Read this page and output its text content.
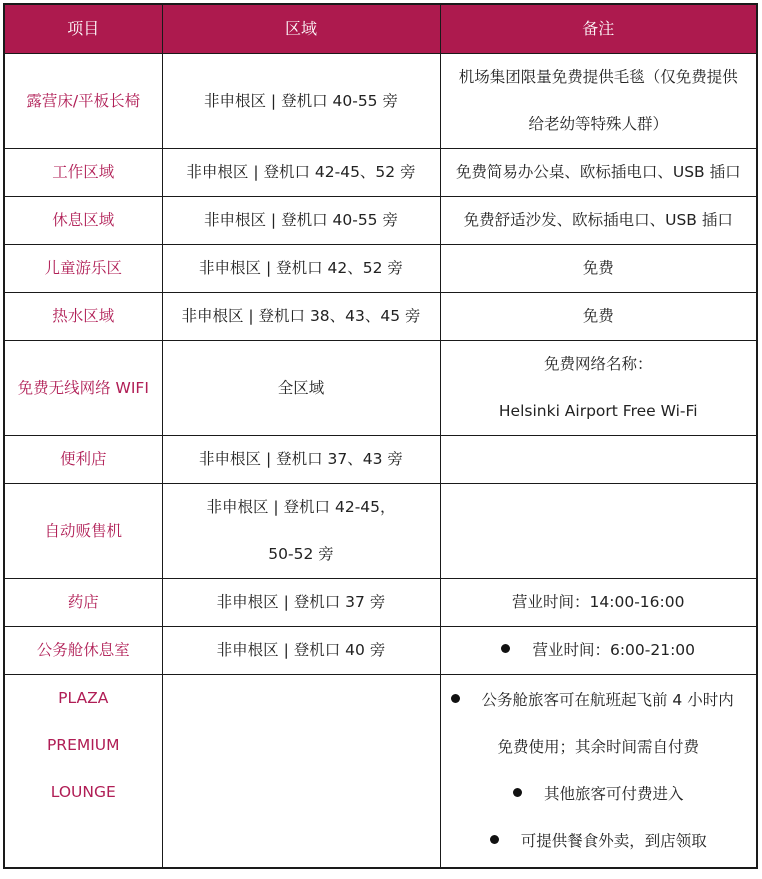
项目	区域	备注

露营床/平板长椅	非申根区 | 登机口 40-55 旁	机场集团限量免费提供毛毯（仅免费提供
给老幼等特殊人群）

工作区域	非申根区 | 登机口 42-45、52 旁	免费简易办公桌、欧标插电口、USB 插口

休息区域	非申根区 | 登机口 40-55 旁	免费舒适沙发、欧标插电口、USB 插口

儿童游乐区	非申根区 | 登机口 42、52 旁	免费

热水区域	非申根区 | 登机口 38、43、45 旁	免费

免费无线网络 WIFI	全区域	免费网络名称：
Helsinki Airport Free Wi-Fi

便利店	非申根区 | 登机口 37、43 旁	

自动贩售机	非申根区 | 登机口 42-45，
50-52 旁	

药店	非申根区 | 登机口 37 旁	营业时间：14:00-16:00

公务舱休息室	非申根区 | 登机口 40 旁	营业时间：6:00-21:00

PLAZA
PREMIUM
LOUNGE		公务舱旅客可在航班起飞前 4 小时内
免费使用；其余时间需自付费
其他旅客可付费进入
可提供餐食外卖，到店领取
